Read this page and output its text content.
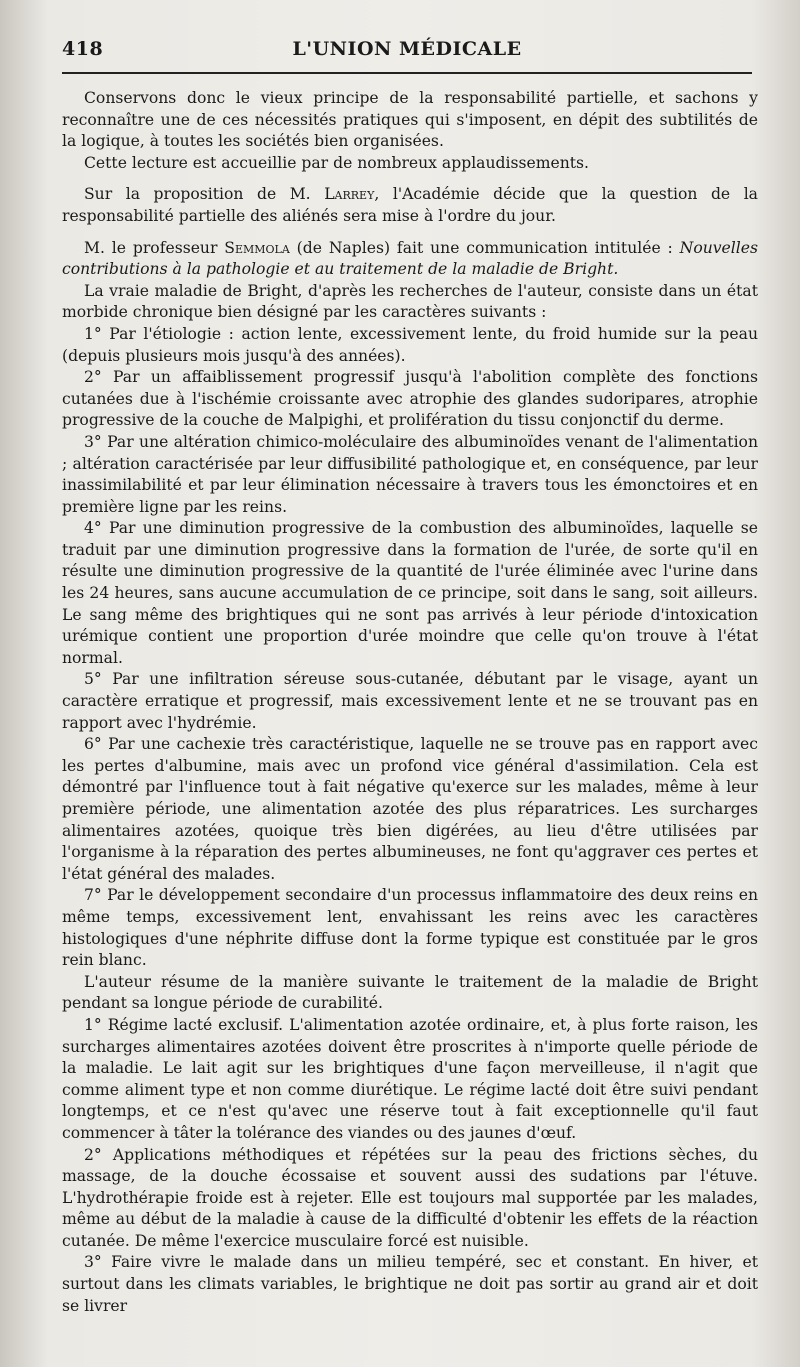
418	L'UNION MÉDICALE

Conservons donc le vieux principe de la responsabilité partielle, et sachons y reconnaître une de ces nécessités pratiques qui s'imposent, en dépit des subtilités de la logique, à toutes les sociétés bien organisées.

Cette lecture est accueillie par de nombreux applaudissements.

Sur la proposition de M. Larrey, l'Académie décide que la question de la responsabilité partielle des aliénés sera mise à l'ordre du jour.

M. le professeur Semmola (de Naples) fait une communication intitulée : Nouvelles contributions à la pathologie et au traitement de la maladie de Bright.

La vraie maladie de Bright, d'après les recherches de l'auteur, consiste dans un état morbide chronique bien désigné par les caractères suivants :

1° Par l'étiologie : action lente, excessivement lente, du froid humide sur la peau (depuis plusieurs mois jusqu'à des années).

2° Par un affaiblissement progressif jusqu'à l'abolition complète des fonctions cutanées due à l'ischémie croissante avec atrophie des glandes sudoripares, atrophie progressive de la couche de Malpighi, et prolifération du tissu conjonctif du derme.

3° Par une altération chimico-moléculaire des albuminoïdes venant de l'alimentation ; altération caractérisée par leur diffusibilité pathologique et, en conséquence, par leur inassimilabilité et par leur élimination nécessaire à travers tous les émonctoires et en première ligne par les reins.

4° Par une diminution progressive de la combustion des albuminoïdes, laquelle se traduit par une diminution progressive dans la formation de l'urée, de sorte qu'il en résulte une diminution progressive de la quantité de l'urée éliminée avec l'urine dans les 24 heures, sans aucune accumulation de ce principe, soit dans le sang, soit ailleurs. Le sang même des brightiques qui ne sont pas arrivés à leur période d'intoxication urémique contient une proportion d'urée moindre que celle qu'on trouve à l'état normal.

5° Par une infiltration séreuse sous-cutanée, débutant par le visage, ayant un caractère erratique et progressif, mais excessivement lente et ne se trouvant pas en rapport avec l'hydrémie.

6° Par une cachexie très caractéristique, laquelle ne se trouve pas en rapport avec les pertes d'albumine, mais avec un profond vice général d'assimilation. Cela est démontré par l'influence tout à fait négative qu'exerce sur les malades, même à leur première période, une alimentation azotée des plus réparatrices. Les surcharges alimentaires azotées, quoique très bien digérées, au lieu d'être utilisées par l'organisme à la réparation des pertes albumineuses, ne font qu'aggraver ces pertes et l'état général des malades.

7° Par le développement secondaire d'un processus inflammatoire des deux reins en même temps, excessivement lent, envahissant les reins avec les caractères histologiques d'une néphrite diffuse dont la forme typique est constituée par le gros rein blanc.

L'auteur résume de la manière suivante le traitement de la maladie de Bright pendant sa longue période de curabilité.

1° Régime lacté exclusif. L'alimentation azotée ordinaire, et, à plus forte raison, les surcharges alimentaires azotées doivent être proscrites à n'importe quelle période de la maladie. Le lait agit sur les brightiques d'une façon merveilleuse, il n'agit que comme aliment type et non comme diurétique. Le régime lacté doit être suivi pendant longtemps, et ce n'est qu'avec une réserve tout à fait exceptionnelle qu'il faut commencer à tâter la tolérance des viandes ou des jaunes d'œuf.

2° Applications méthodiques et répétées sur la peau des frictions sèches, du massage, de la douche écossaise et souvent aussi des sudations par l'étuve. L'hydrothérapie froide est à rejeter. Elle est toujours mal supportée par les malades, même au début de la maladie à cause de la difficulté d'obtenir les effets de la réaction cutanée. De même l'exercice musculaire forcé est nuisible.

3° Faire vivre le malade dans un milieu tempéré, sec et constant. En hiver, et surtout dans les climats variables, le brightique ne doit pas sortir au grand air et doit se livrer
